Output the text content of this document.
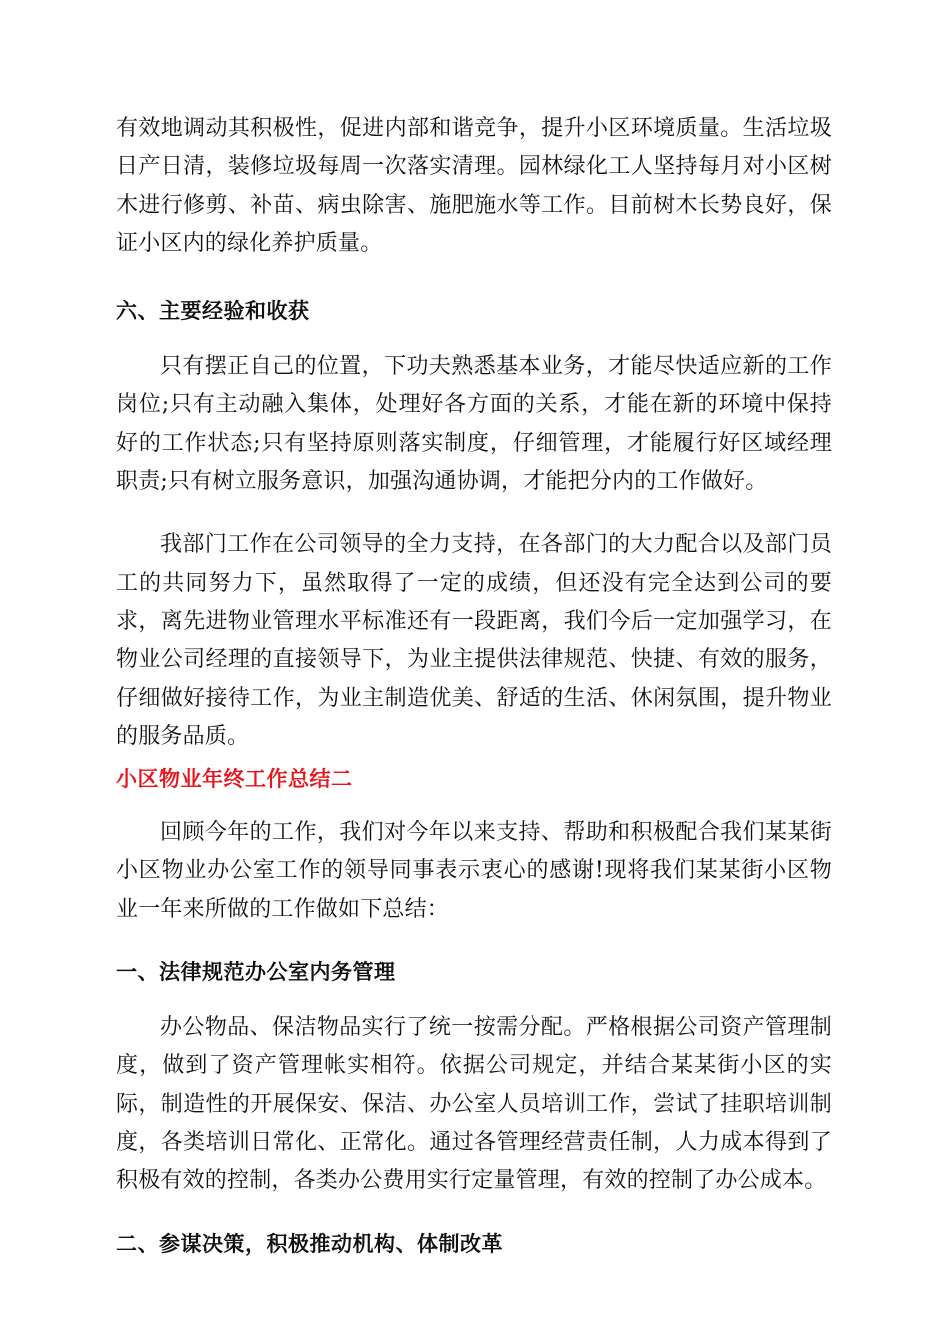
有效地调动其积极性，促进内部和谐竞争，提升小区环境质量。生活垃圾日产日清，装修垃圾每周一次落实清理。园林绿化工人坚持每月对小区树木进行修剪、补苗、病虫除害、施肥施水等工作。目前树木长势良好，保证小区内的绿化养护质量。

六、主要经验和收获

只有摆正自己的位置，下功夫熟悉基本业务，才能尽快适应新的工作岗位;只有主动融入集体，处理好各方面的关系，才能在新的环境中保持好的工作状态;只有坚持原则落实制度，仔细管理，才能履行好区域经理职责;只有树立服务意识，加强沟通协调，才能把分内的工作做好。

我部门工作在公司领导的全力支持，在各部门的大力配合以及部门员工的共同努力下，虽然取得了一定的成绩，但还没有完全达到公司的要求，离先进物业管理水平标准还有一段距离，我们今后一定加强学习，在物业公司经理的直接领导下，为业主提供法律规范、快捷、有效的服务，仔细做好接待工作，为业主制造优美、舒适的生活、休闲氛围，提升物业的服务品质。

小区物业年终工作总结二

回顾今年的工作，我们对今年以来支持、帮助和积极配合我们某某街小区物业办公室工作的领导同事表示衷心的感谢!现将我们某某街小区物业一年来所做的工作做如下总结：

一、法律规范办公室内务管理

办公物品、保洁物品实行了统一按需分配。严格根据公司资产管理制度，做到了资产管理帐实相符。依据公司规定，并结合某某街小区的实际，制造性的开展保安、保洁、办公室人员培训工作，尝试了挂职培训制度，各类培训日常化、正常化。通过各管理经营责任制，人力成本得到了积极有效的控制，各类办公费用实行定量管理，有效的控制了办公成本。

二、参谋决策，积极推动机构、体制改革
